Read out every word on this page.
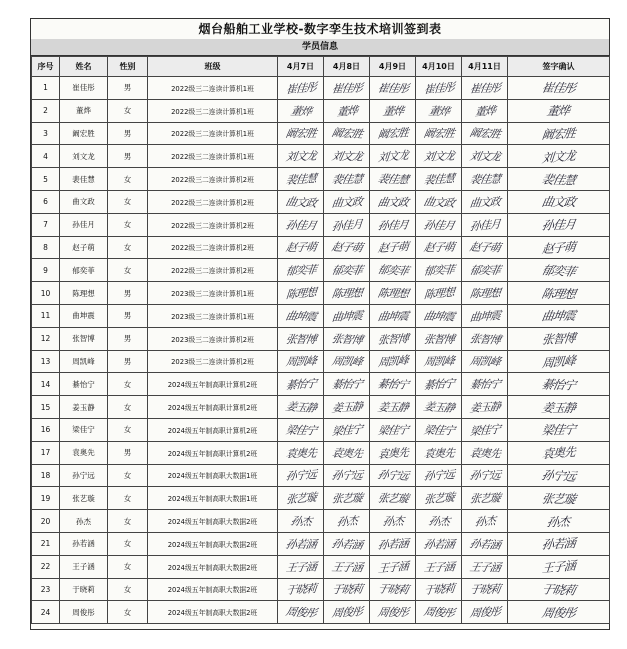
烟台船舶工业学校-数字孪生技术培训签到表
学员信息
序号	姓名	性别	班级	4月7日	4月8日	4月9日	4月10日	4月11日	签字确认
1	崔佳彤	男	2022级三二连读计算机1班	崔佳彤	崔佳彤	崔佳彤	崔佳彤	崔佳彤	崔佳彤
2	董烨	女	2022级三二连读计算机1班	董烨	董烨	董烨	董烨	董烨	董烨
3	阚宏胜	男	2022级三二连读计算机1班	阚宏胜	阚宏胜	阚宏胜	阚宏胜	阚宏胜	阚宏胜
4	刘文龙	男	2022级三二连读计算机1班	刘文龙	刘文龙	刘文龙	刘文龙	刘文龙	刘文龙
5	裴佳慧	女	2022级三二连读计算机2班	裴佳慧	裴佳慧	裴佳慧	裴佳慧	裴佳慧	裴佳慧
6	曲文政	女	2022级三二连读计算机2班	曲文政	曲文政	曲文政	曲文政	曲文政	曲文政
7	孙佳月	女	2022级三二连读计算机2班	孙佳月	孙佳月	孙佳月	孙佳月	孙佳月	孙佳月
8	赵子萌	女	2022级三二连读计算机2班	赵子萌	赵子萌	赵子萌	赵子萌	赵子萌	赵子萌
9	郁奕菲	女	2022级三二连读计算机2班	郁奕菲	郁奕菲	郁奕菲	郁奕菲	郁奕菲	郁奕菲
10	陈理想	男	2023级三二连读计算机1班	陈理想	陈理想	陈理想	陈理想	陈理想	陈理想
11	曲坤震	男	2023级三二连读计算机1班	曲坤震	曲坤震	曲坤震	曲坤震	曲坤震	曲坤震
12	张智博	男	2023级三二连读计算机2班	张智博	张智博	张智博	张智博	张智博	张智博
13	周凯峰	男	2023级三二连读计算机2班	周凯峰	周凯峰	周凯峰	周凯峰	周凯峰	周凯峰
14	綦怡宁	女	2024级五年制高职计算机2班	綦怡宁	綦怡宁	綦怡宁	綦怡宁	綦怡宁	綦怡宁
15	姜玉静	女	2024级五年制高职计算机2班	姜玉静	姜玉静	姜玉静	姜玉静	姜玉静	姜玉静
16	梁佳宁	女	2024级五年制高职计算机2班	梁佳宁	梁佳宁	梁佳宁	梁佳宁	梁佳宁	梁佳宁
17	袁奥先	男	2024级五年制高职计算机2班	袁奥先	袁奥先	袁奥先	袁奥先	袁奥先	袁奥先
18	孙宁远	女	2024级五年制高职大数据1班	孙宁远	孙宁远	孙宁远	孙宁远	孙宁远	孙宁远
19	张艺璇	女	2024级五年制高职大数据1班	张艺璇	张艺璇	张艺璇	张艺璇	张艺璇	张艺璇
20	孙杰	女	2024级五年制高职大数据2班	孙杰	孙杰	孙杰	孙杰	孙杰	孙杰
21	孙若涵	女	2024级五年制高职大数据2班	孙若涵	孙若涵	孙若涵	孙若涵	孙若涵	孙若涵
22	王子涵	女	2024级五年制高职大数据2班	王子涵	王子涵	王子涵	王子涵	王子涵	王子涵
23	于晓莉	女	2024级五年制高职大数据2班	于晓莉	于晓莉	于晓莉	于晓莉	于晓莉	于晓莉
24	周俊彤	女	2024级五年制高职大数据2班	周俊彤	周俊彤	周俊彤	周俊彤	周俊彤	周俊彤
